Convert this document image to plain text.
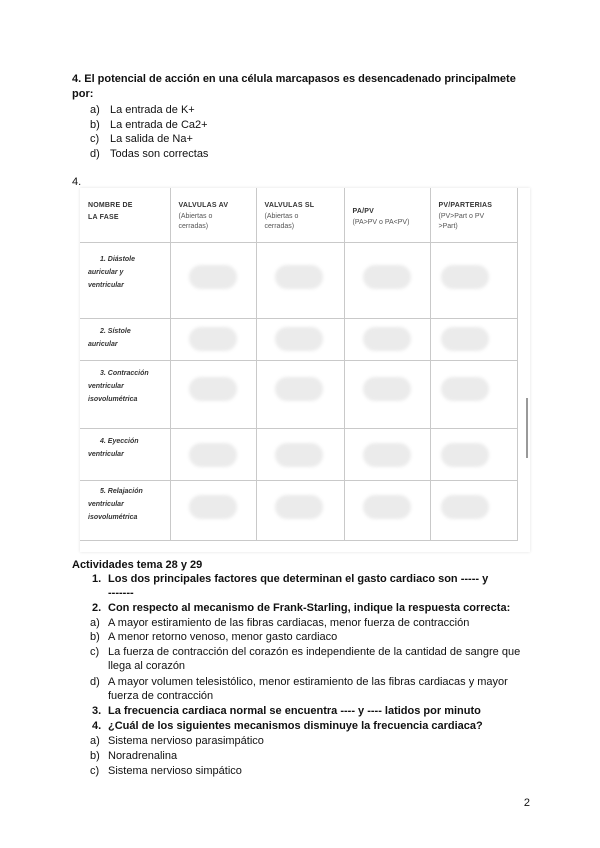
4. El potencial de acción en una célula marcapasos es desencadenado principalmete
por:
a) La entrada de K+
b) La entrada de Ca2+
c) La salida de Na+
d) Todas son correctas
4.
NOMBRE DE
LA FASE	VALVULAS AV
(Abiertas o
cerradas)	VALVULAS SL
(Abiertas o
cerradas)	PA/PV
(PA>PV o PA<PV)	PV/PARTERIAS
(PV>Part o PV
>Part)

1. Diástole
auricular y
ventricular				

2. Sístole
auricular				

3. Contracción
ventricular
isovolumétrica				

4. Eyección
ventricular				

5. Relajación
ventricular
isovolumétrica				

Actividades tema 28 y 29
1. Los dos principales factores que determinan el gasto cardiaco son ----- y
-------
2. Con respecto al mecanismo de Frank-Starling, indique la respuesta correcta:
a) A mayor estiramiento de las fibras cardiacas, menor fuerza de contracción
b) A menor retorno venoso, menor gasto cardiaco
c) La fuerza de contracción del corazón es independiente de la cantidad de sangre que
llega al corazón
d) A mayor volumen telesistólico, menor estiramiento de las fibras cardiacas y mayor
fuerza de contracción
3. La frecuencia cardiaca normal se encuentra ---- y ---- latidos por minuto
4. ¿Cuál de los siguientes mecanismos disminuye la frecuencia cardiaca?
a) Sistema nervioso parasimpático
b) Noradrenalina
c) Sistema nervioso simpático
2
